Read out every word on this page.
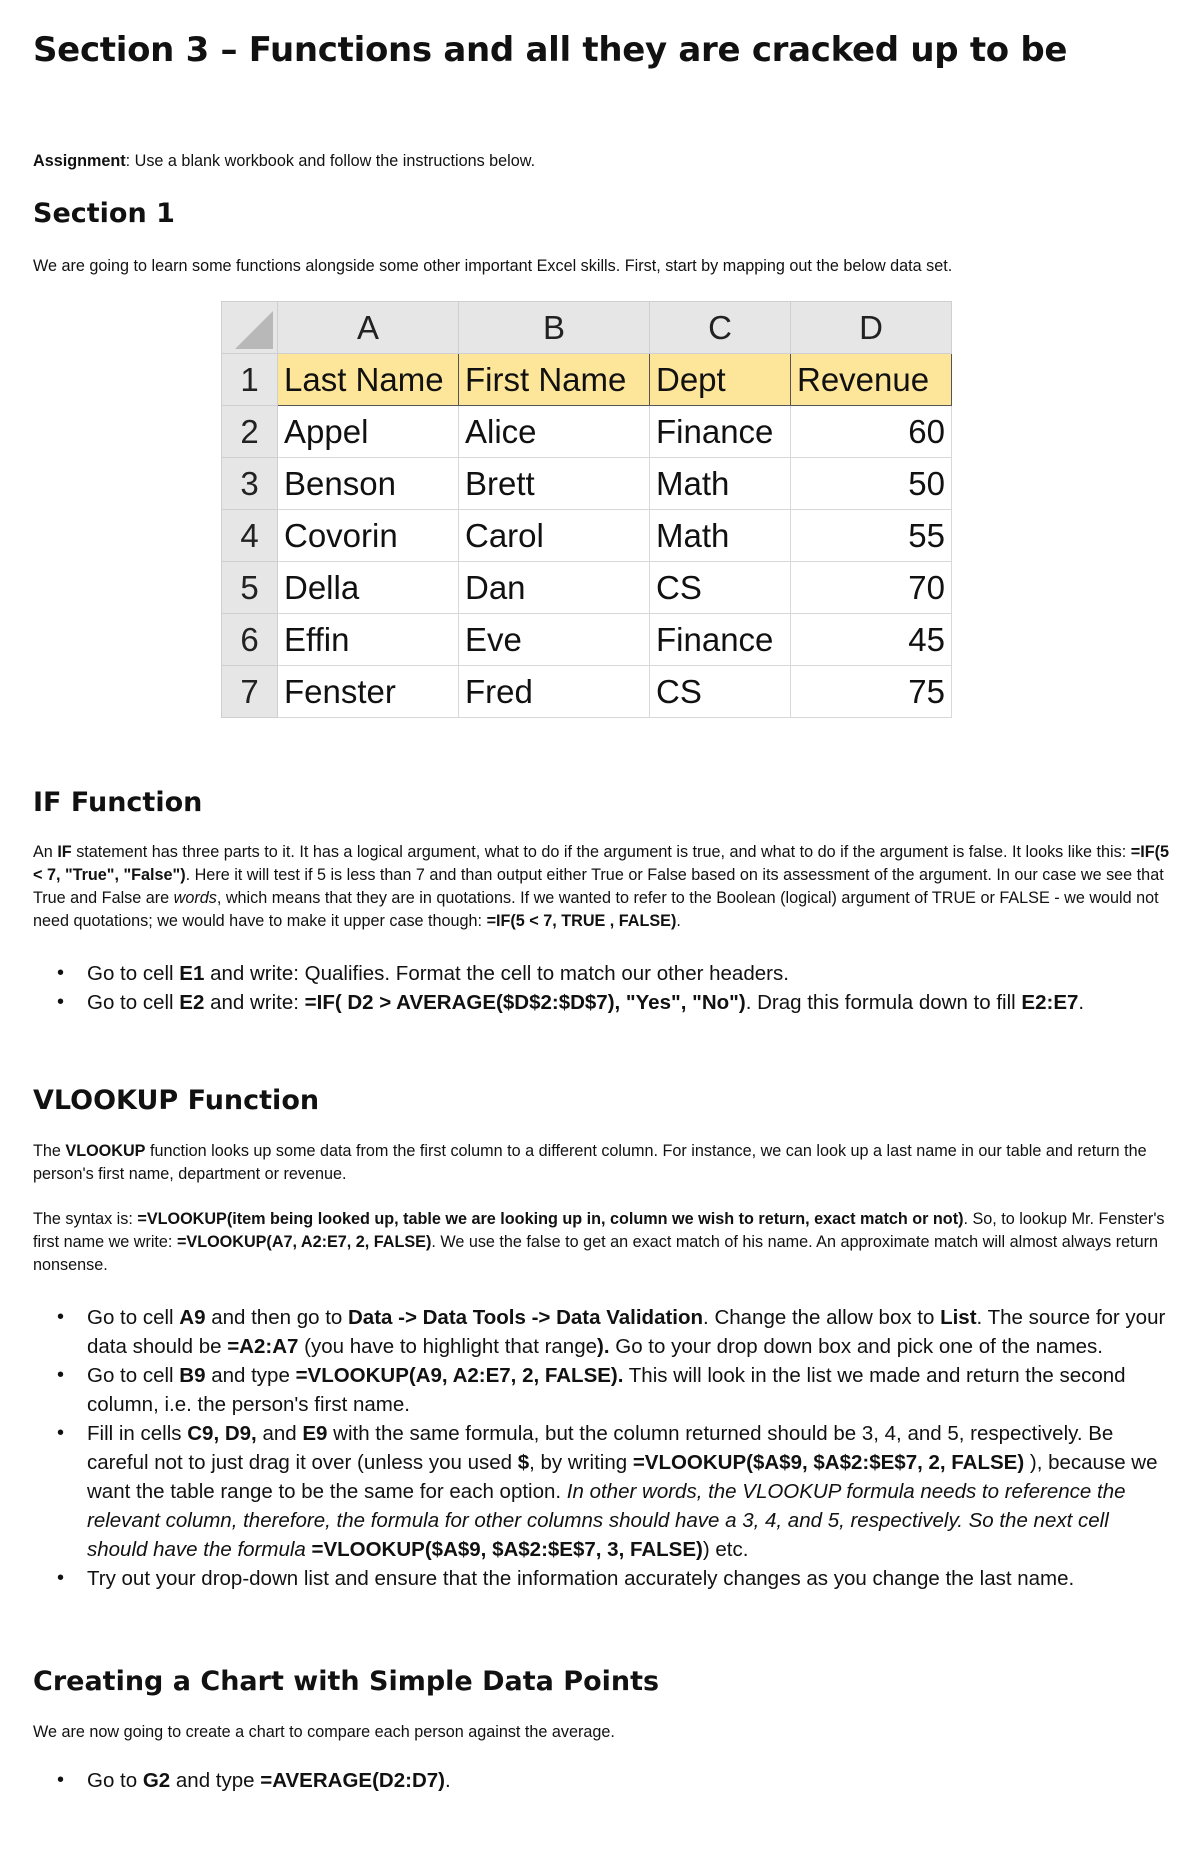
Section 3 – Functions and all they are cracked up to be

Assignment: Use a blank workbook and follow the instructions below.

Section 1

We are going to learn some functions alongside some other important Excel skills. First, start by mapping out the below data set.

	A	B	C	D
1	Last Name	First Name	Dept	Revenue
2	Appel	Alice	Finance	60
3	Benson	Brett	Math	50
4	Covorin	Carol	Math	55
5	Della	Dan	CS	70
6	Effin	Eve	Finance	45
7	Fenster	Fred	CS	75
IF Function

An IF statement has three parts to it. It has a logical argument, what to do if the argument is true, and what to do if the argument is false. It looks like this: =IF(5 < 7, "True", "False"). Here it will test if 5 is less than 7 and than output either True or False based on its assessment of the argument. In our case we see that True and False are words, which means that they are in quotations. If we wanted to refer to the Boolean (logical) argument of TRUE or FALSE - we would not need quotations; we would have to make it upper case though: =IF(5 < 7, TRUE , FALSE).

• Go to cell E1 and write: Qualifies. Format the cell to match our other headers.
• Go to cell E2 and write: =IF( D2 > AVERAGE($D$2:$D$7), "Yes", "No"). Drag this formula down to fill E2:E7.
VLOOKUP Function

The VLOOKUP function looks up some data from the first column to a different column. For instance, we can look up a last name in our table and return the person's first name, department or revenue.

The syntax is: =VLOOKUP(item being looked up, table we are looking up in, column we wish to return, exact match or not). So, to lookup Mr. Fenster's first name we write: =VLOOKUP(A7, A2:E7, 2, FALSE). We use the false to get an exact match of his name. An approximate match will almost always return nonsense.

• Go to cell A9 and then go to Data -> Data Tools -> Data Validation. Change the allow box to List. The source for your data should be =A2:A7 (you have to highlight that range). Go to your drop down box and pick one of the names.
• Go to cell B9 and type =VLOOKUP(A9, A2:E7, 2, FALSE). This will look in the list we made and return the second column, i.e. the person's first name.
• Fill in cells C9, D9, and E9 with the same formula, but the column returned should be 3, 4, and 5, respectively. Be careful not to just drag it over (unless you used $, by writing =VLOOKUP($A$9, $A$2:$E$7, 2, FALSE) ), because we want the table range to be the same for each option. In other words, the VLOOKUP formula needs to reference the relevant column, therefore, the formula for other columns should have a 3, 4, and 5, respectively. So the next cell should have the formula =VLOOKUP($A$9, $A$2:$E$7, 3, FALSE)) etc.
• Try out your drop-down list and ensure that the information accurately changes as you change the last name.
Creating a Chart with Simple Data Points

We are now going to create a chart to compare each person against the average.

• Go to G2 and type =AVERAGE(D2:D7).
